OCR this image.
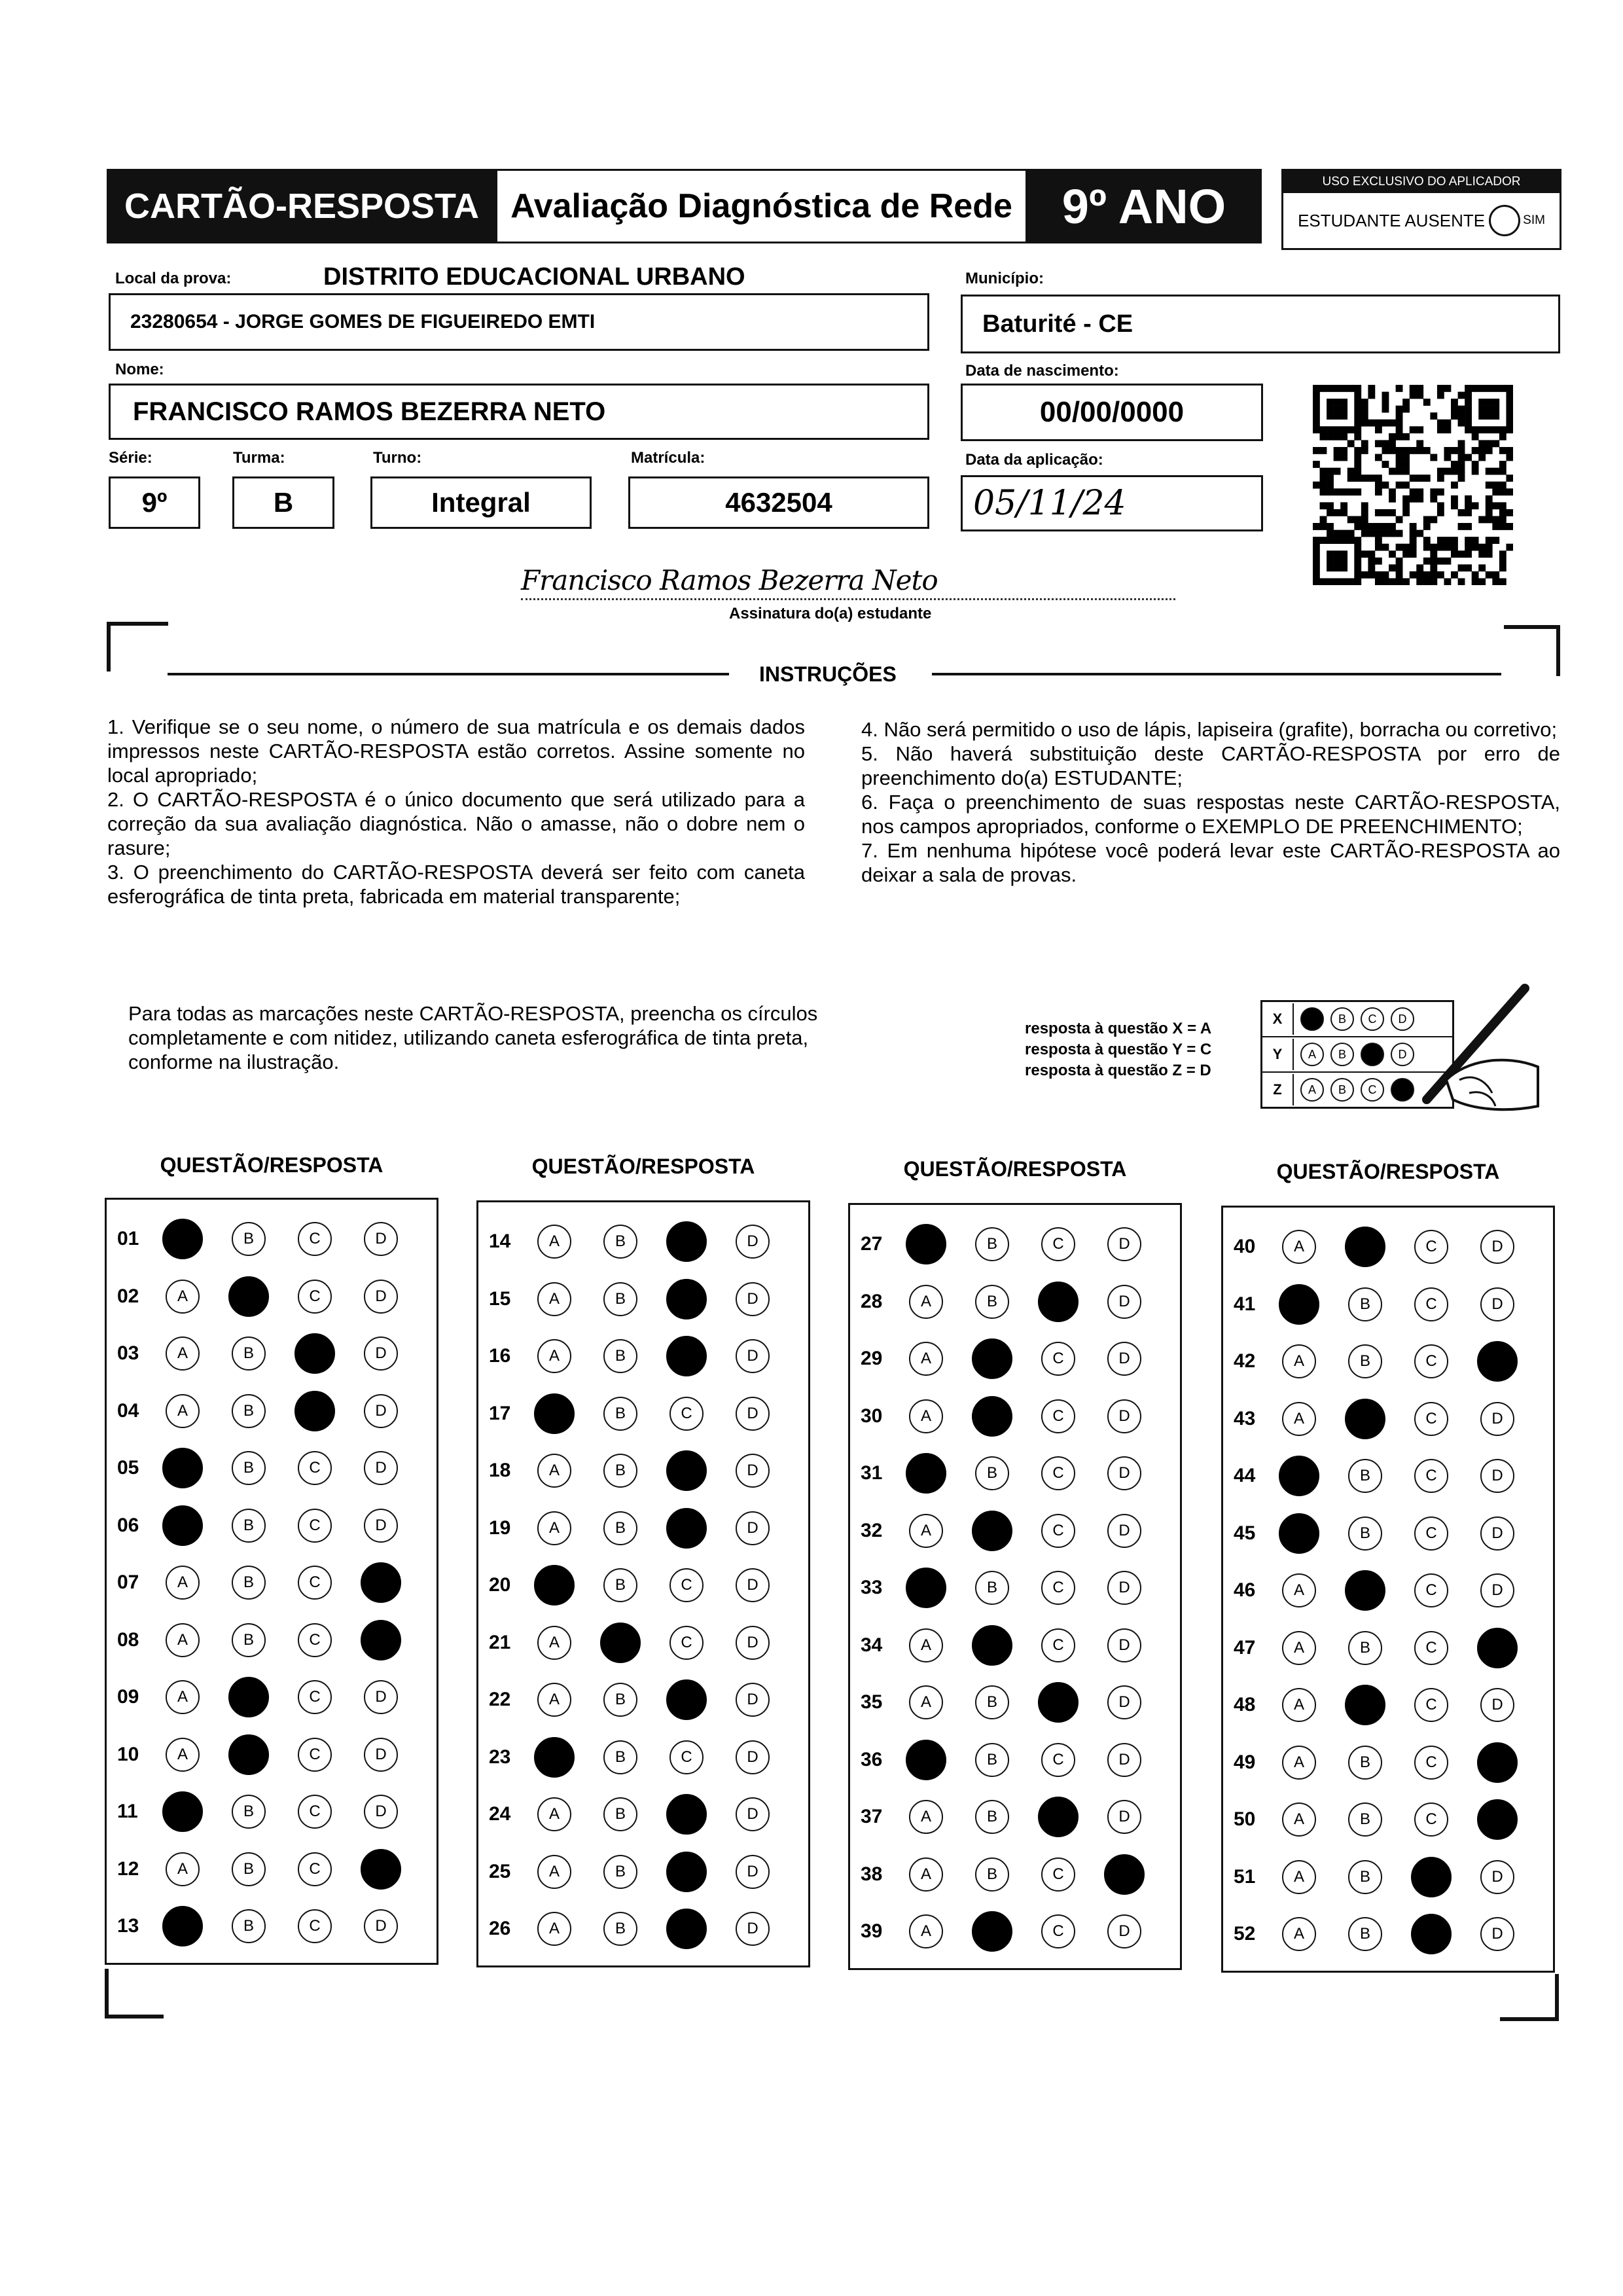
CARTÃO-RESPOSTA Avaliação Diagnóstica de Rede 9º ANO	USO EXCLUSIVO DO APLICADOR
ESTUDANTE AUSENTE	SIM
Local da prova:	DISTRITO EDUCACIONAL URBANO
23280654 - JORGE GOMES DE FIGUEIREDO EMTI
Município:
Baturité - CE
Nome:
FRANCISCO RAMOS BEZERRA NETO
Data de nascimento:
00/00/0000
Série:
9º
Turma:
B
Turno:
Integral
Matrícula:
4632504
Data da aplicação:
05/11/24
Francisco Ramos Bezerra Neto
Assinatura do(a) estudante
INSTRUÇÕES
1. Verifique se o seu nome, o número de sua matrícula e os demais dados impressos neste CARTÃO-RESPOSTA estão corretos. Assine somente no local apropriado;
2. O CARTÃO-RESPOSTA é o único documento que será utilizado para a correção da sua avaliação diagnóstica. Não o amasse, não o dobre nem o rasure;
3. O preenchimento do CARTÃO-RESPOSTA deverá ser feito com caneta esferográfica de tinta preta, fabricada em material transparente;
4. Não será permitido o uso de lápis, lapiseira (grafite), borracha ou corretivo;
5. Não haverá substituição deste CARTÃO-RESPOSTA por erro de preenchimento do(a) ESTUDANTE;
6. Faça o preenchimento de suas respostas neste CARTÃO-RESPOSTA, nos campos apropriados, conforme o EXEMPLO DE PREENCHIMENTO;
7. Em nenhuma hipótese você poderá levar este CARTÃO-RESPOSTA ao deixar a sala de provas.
Para todas as marcações neste CARTÃO-RESPOSTA, preencha os círculos completamente e com nitidez, utilizando caneta esferográfica de tinta preta, conforme na ilustração.
resposta à questão X = A
resposta à questão Y = C
resposta à questão Z = D
X	A	B	C	D
Y	A	B	C	D
Z	A	B	C	D
QUESTÃO/RESPOSTA
01	A	B	C	D
02	A	B	C	D
03	A	B	C	D
04	A	B	C	D
05	A	B	C	D
06	A	B	C	D
07	A	B	C	D
08	A	B	C	D
09	A	B	C	D
10	A	B	C	D
11	A	B	C	D
12	A	B	C	D
13	A	B	C	D
QUESTÃO/RESPOSTA
14	A	B	C	D
15	A	B	C	D
16	A	B	C	D
17	A	B	C	D
18	A	B	C	D
19	A	B	C	D
20	A	B	C	D
21	A	B	C	D
22	A	B	C	D
23	A	B	C	D
24	A	B	C	D
25	A	B	C	D
26	A	B	C	D
QUESTÃO/RESPOSTA
27	A	B	C	D
28	A	B	C	D
29	A	B	C	D
30	A	B	C	D
31	A	B	C	D
32	A	B	C	D
33	A	B	C	D
34	A	B	C	D
35	A	B	C	D
36	A	B	C	D
37	A	B	C	D
38	A	B	C	D
39	A	B	C	D
QUESTÃO/RESPOSTA
40	A	B	C	D
41	A	B	C	D
42	A	B	C	D
43	A	B	C	D
44	A	B	C	D
45	A	B	C	D
46	A	B	C	D
47	A	B	C	D
48	A	B	C	D
49	A	B	C	D
50	A	B	C	D
51	A	B	C	D
52	A	B	C	D
